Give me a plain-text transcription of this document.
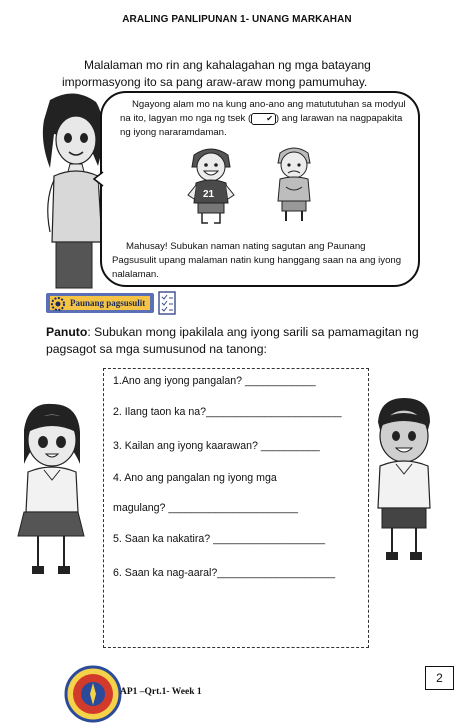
ARALING PANLIPUNAN 1- UNANG MARKAHAN
Malalaman mo rin ang kahalagahan ng mga batayang
impormasyong ito sa pang araw-araw mong pamumuhay.
Ngayong alam mo na kung ano-ano ang matututuhan sa modyul na ito, lagyan mo nga ng tsek ( ✔ ) ang larawan na nagpapakita ng iyong nararamdaman.
21
Mahusay! Subukan naman nating sagutan ang Paunang Pagsusulit upang malaman natin kung hanggang saan na ang iyong nalalaman.
Paunang pagsusulit
Panuto: Subukan mong ipakilala ang iyong sarili sa pamamagitan ng pagsagot sa mga sumusunod na tanong:
1.Ano ang iyong pangalan? ____________
2. Ilang taon ka na?_______________________
3. Kailan ang iyong kaarawan? __________
4. Ano ang pangalan ng iyong mga
magulang? ______________________
5. Saan ka nakatira? ___________________
6. Saan ka nag-aaral?____________________
AP1 –Qrt.1- Week 1
2
